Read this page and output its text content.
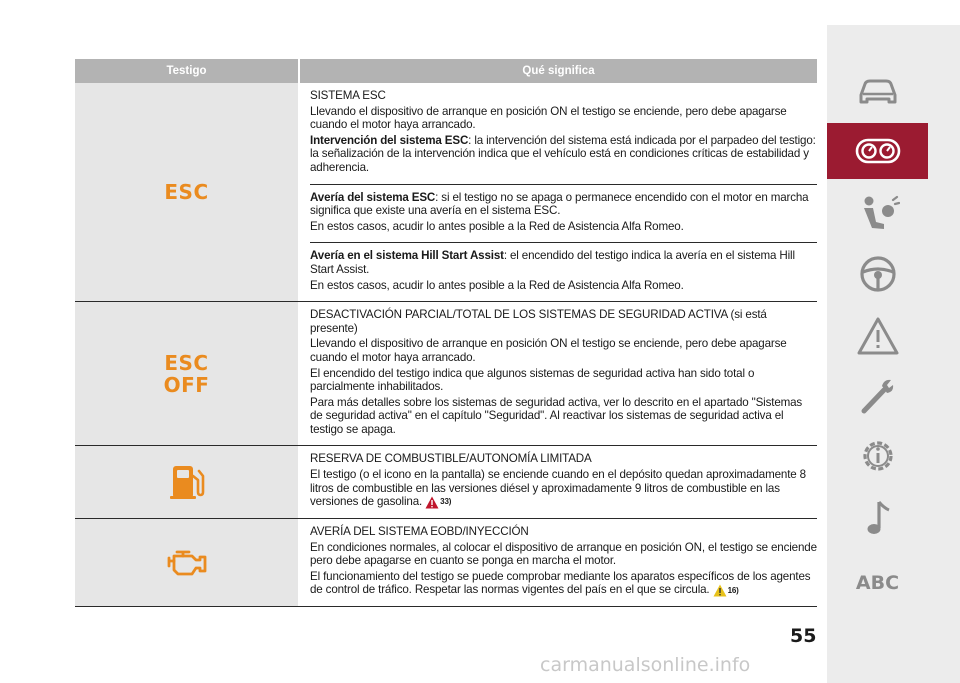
Testigo	Qué significa
ESC

SISTEMA ESC

Llevando el dispositivo de arranque en posición ON el testigo se enciende, pero debe apagarse cuando el motor haya arrancado.

Intervención del sistema ESC: la intervención del sistema está indicada por el parpadeo del testigo: la señalización de la intervención indica que el vehículo está en condiciones críticas de estabilidad y adherencia.

Avería del sistema ESC: si el testigo no se apaga o permanece encendido con el motor en marcha significa que existe una avería en el sistema ESC.

En estos casos, acudir lo antes posible a la Red de Asistencia Alfa Romeo.

Avería en el sistema Hill Start Assist: el encendido del testigo indica la avería en el sistema Hill Start Assist.

En estos casos, acudir lo antes posible a la Red de Asistencia Alfa Romeo.

ESC
OFF

DESACTIVACIÓN PARCIAL/TOTAL DE LOS SISTEMAS DE SEGURIDAD ACTIVA (si está presente)

Llevando el dispositivo de arranque en posición ON el testigo se enciende, pero debe apagarse cuando el motor haya arrancado.

El encendido del testigo indica que algunos sistemas de seguridad activa han sido total o parcialmente inhabilitados.

Para más detalles sobre los sistemas de seguridad activa, ver lo descrito en el apartado "Sistemas de seguridad activa" en el capítulo "Seguridad". Al reactivar los sistemas de seguridad activa el testigo se apaga.

RESERVA DE COMBUSTIBLE/AUTONOMÍA LIMITADA

El testigo (o el icono en la pantalla) se enciende cuando en el depósito quedan aproximadamente 8 litros de combustible en las versiones diésel y aproximadamente 9 litros de combustible en las versiones de gasolina. 33)

AVERÍA DEL SISTEMA EOBD/INYECCIÓN

En condiciones normales, al colocar el dispositivo de arranque en posición ON, el testigo se enciende pero debe apagarse en cuanto se ponga en marcha el motor.

El funcionamiento del testigo se puede comprobar mediante los aparatos específicos de los agentes de control de tráfico. Respetar las normas vigentes del país en el que se circula. 16)	ABC
55
carmanualsonline.info
